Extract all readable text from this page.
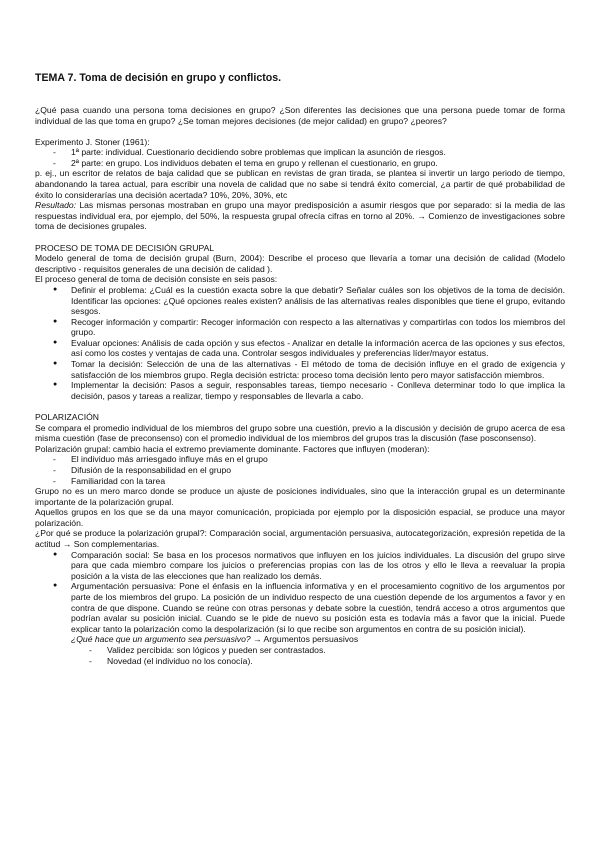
TEMA 7. Toma de decisión en grupo y conflictos.

¿Qué pasa cuando una persona toma decisiones en grupo? ¿Son diferentes las decisiones que una persona puede tomar de forma individual de las que toma en grupo? ¿Se toman mejores decisiones (de mejor calidad) en grupo? ¿peores?

Experimento J. Stoner (1961):

- 1ª parte: individual. Cuestionario decidiendo sobre problemas que implican la asunción de riesgos.
- 2ª parte: en grupo. Los individuos debaten el tema en grupo y rellenan el cuestionario, en grupo.

p. ej., un escritor de relatos de baja calidad que se publican en revistas de gran tirada, se plantea si invertir un largo periodo de tiempo, abandonando la tarea actual, para escribir una novela de calidad que no sabe si tendrá éxito comercial, ¿a partir de qué probabilidad de éxito lo considerarías una decisión acertada? 10%, 20%, 30%, etc

Resultado: Las mismas personas mostraban en grupo una mayor predisposición a asumir riesgos que por separado: si la media de las respuestas individual era, por ejemplo, del 50%, la respuesta grupal ofrecía cifras en torno al 20%. → Comienzo de investigaciones sobre toma de decisiones grupales.

PROCESO DE TOMA DE DECISIÓN GRUPAL

Modelo general de toma de decisión grupal (Burn, 2004): Describe el proceso que llevaría a tomar una decisión de calidad (Modelo descriptivo - requisitos generales de una decisión de calidad ).

El proceso general de toma de decisión consiste en seis pasos:

● Definir el problema: ¿Cuál es la cuestión exacta sobre la que debatir? Señalar cuáles son los objetivos de la toma de decisión. Identificar las opciones: ¿Qué opciones reales existen? análisis de las alternativas reales disponibles que tiene el grupo, evitando sesgos.
● Recoger información y compartir: Recoger información con respecto a las alternativas y compartirlas con todos los miembros del grupo.
● Evaluar opciones: Análisis de cada opción y sus efectos - Analizar en detalle la información acerca de las opciones y sus efectos, así como los costes y ventajas de cada una. Controlar sesgos individuales y preferencias líder/mayor estatus.
● Tomar la decisión: Selección de una de las alternativas - El método de toma de decisión influye en el grado de exigencia y satisfacción de los miembros grupo. Regla decisión estricta: proceso toma decisión lento pero mayor satisfacción miembros.
● Implementar la decisión: Pasos a seguir, responsables tareas, tiempo necesario - Conlleva determinar todo lo que implica la decisión, pasos y tareas a realizar, tiempo y responsables de llevarla a cabo.

POLARIZACIÓN

Se compara el promedio individual de los miembros del grupo sobre una cuestión, previo a la discusión y decisión de grupo acerca de esa misma cuestión (fase de preconsenso) con el promedio individual de los miembros del grupos tras la discusión (fase posconsenso).

Polarización grupal: cambio hacia el extremo previamente dominante. Factores que influyen (moderan):

- El individuo más arriesgado influye más en el grupo
- Difusión de la responsabilidad en el grupo
- Familiaridad con la tarea

Grupo no es un mero marco donde se produce un ajuste de posiciones individuales, sino que la interacción grupal es un determinante importante de la polarización grupal.

Aquellos grupos en los que se da una mayor comunicación, propiciada por ejemplo por la disposición espacial, se produce una mayor polarización.

¿Por qué se produce la polarización grupal?: Comparación social, argumentación persuasiva, autocategorización, expresión repetida de la actitud → Son complementarias.

● Comparación social: Se basa en los procesos normativos que influyen en los juicios individuales. La discusión del grupo sirve para que cada miembro compare los juicios o preferencias propias con las de los otros y ello le lleva a reevaluar la propia posición a la vista de las elecciones que han realizado los demás.
● Argumentación persuasiva: Pone el énfasis en la influencia informativa y en el procesamiento cognitivo de los argumentos por parte de los miembros del grupo. La posición de un individuo respecto de una cuestión depende de los argumentos a favor y en contra de que dispone. Cuando se reúne con otras personas y debate sobre la cuestión, tendrá acceso a otros argumentos que podrían avalar su posición inicial. Cuando se le pide de nuevo su posición esta es todavía más a favor que la inicial. Puede explicar tanto la polarización como la despolarización (si lo que recibe son argumentos en contra de su posición inicial).

¿Qué hace que un argumento sea persuasivo? → Argumentos persuasivos

- Validez percibida: son lógicos y pueden ser contrastados.
- Novedad (el individuo no los conocía).
